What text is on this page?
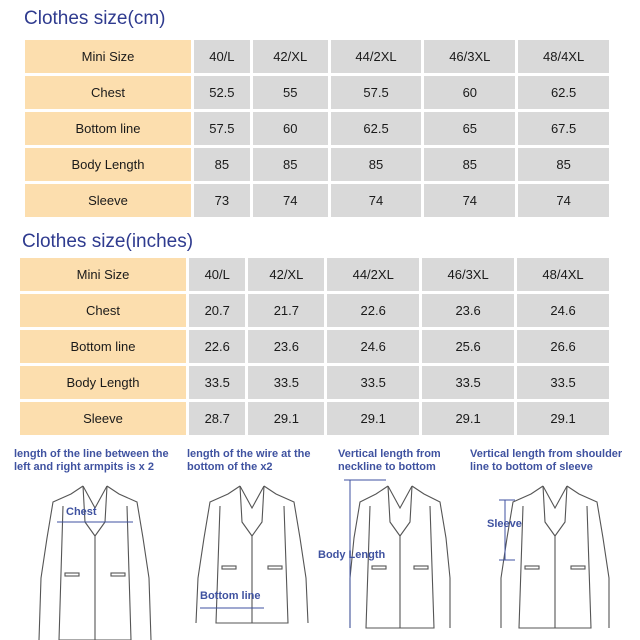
Clothes size(cm)
Mini Size	40/L	42/XL	44/2XL	46/3XL	48/4XL
Chest	52.5	55	57.5	60	62.5
Bottom line	57.5	60	62.5	65	67.5
Body Length	85	85	85	85	85
Sleeve	73	74	74	74	74
Clothes size(inches)
Mini Size	40/L	42/XL	44/2XL	46/3XL	48/4XL
Chest	20.7	21.7	22.6	23.6	24.6
Bottom line	22.6	23.6	24.6	25.6	26.6
Body Length	33.5	33.5	33.5	33.5	33.5
Sleeve	28.7	29.1	29.1	29.1	29.1
length of the line between the left and right armpits is x 2
length of the wire at the bottom of the x2
Vertical length from neckline to bottom
Vertical length from shoulder line to bottom of sleeve
Chest
Bottom line
Body Length
Sleeve
